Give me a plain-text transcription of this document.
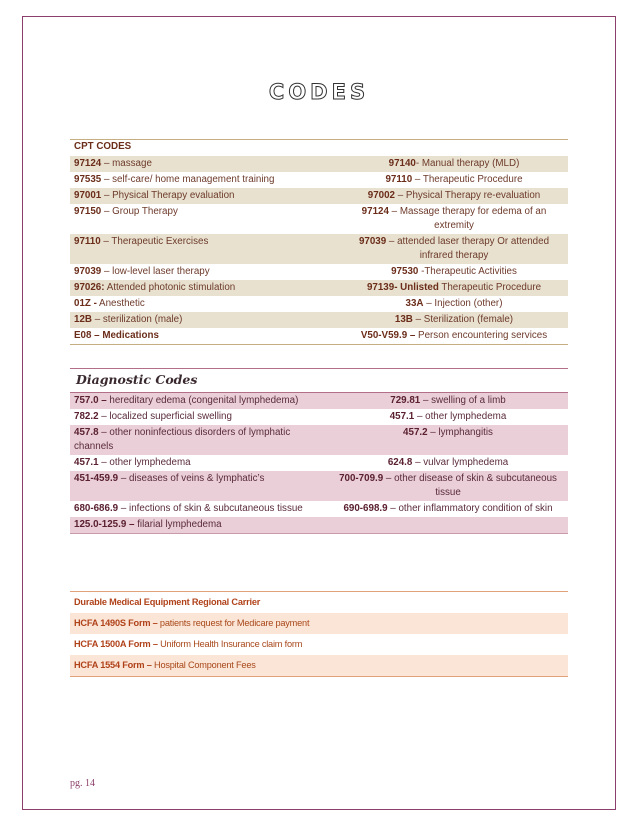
CODES
CPT CODES	
97124 – massage	97140- Manual therapy (MLD)
97535 – self-care/ home management training	97110 – Therapeutic Procedure
97001 – Physical Therapy evaluation	97002 – Physical Therapy re-evaluation
97150 – Group Therapy	97124 – Massage therapy for edema of an extremity
97110 – Therapeutic Exercises	97039 – attended laser therapy Or attended infrared therapy
97039 – low-level laser therapy	97530 -Therapeutic Activities
97026: Attended photonic stimulation	97139- Unlisted Therapeutic Procedure
01Z - Anesthetic	33A – Injection (other)
12B – sterilization (male)	13B – Sterilization (female)
E08 – Medications	V50-V59.9 – Person encountering services
Diagnostic Codes	
757.0 – hereditary edema (congenital lymphedema)	729.81 – swelling of a limb
782.2 – localized superficial swelling	457.1 – other lymphedema
457.8 – other noninfectious disorders of lymphatic channels	457.2 – lymphangitis
457.1 – other lymphedema	624.8 – vulvar lymphedema
451-459.9 – diseases of veins & lymphatic’s	700-709.9 – other disease of skin & subcutaneous tissue
680-686.9 – infections of skin & subcutaneous tissue	690-698.9 – other inflammatory condition of skin
125.0-125.9 – filarial lymphedema	
Durable Medical Equipment Regional Carrier
HCFA 1490S Form – patients request for Medicare payment
HCFA 1500A Form – Uniform Health Insurance claim form
HCFA 1554 Form – Hospital Component Fees
pg. 14
